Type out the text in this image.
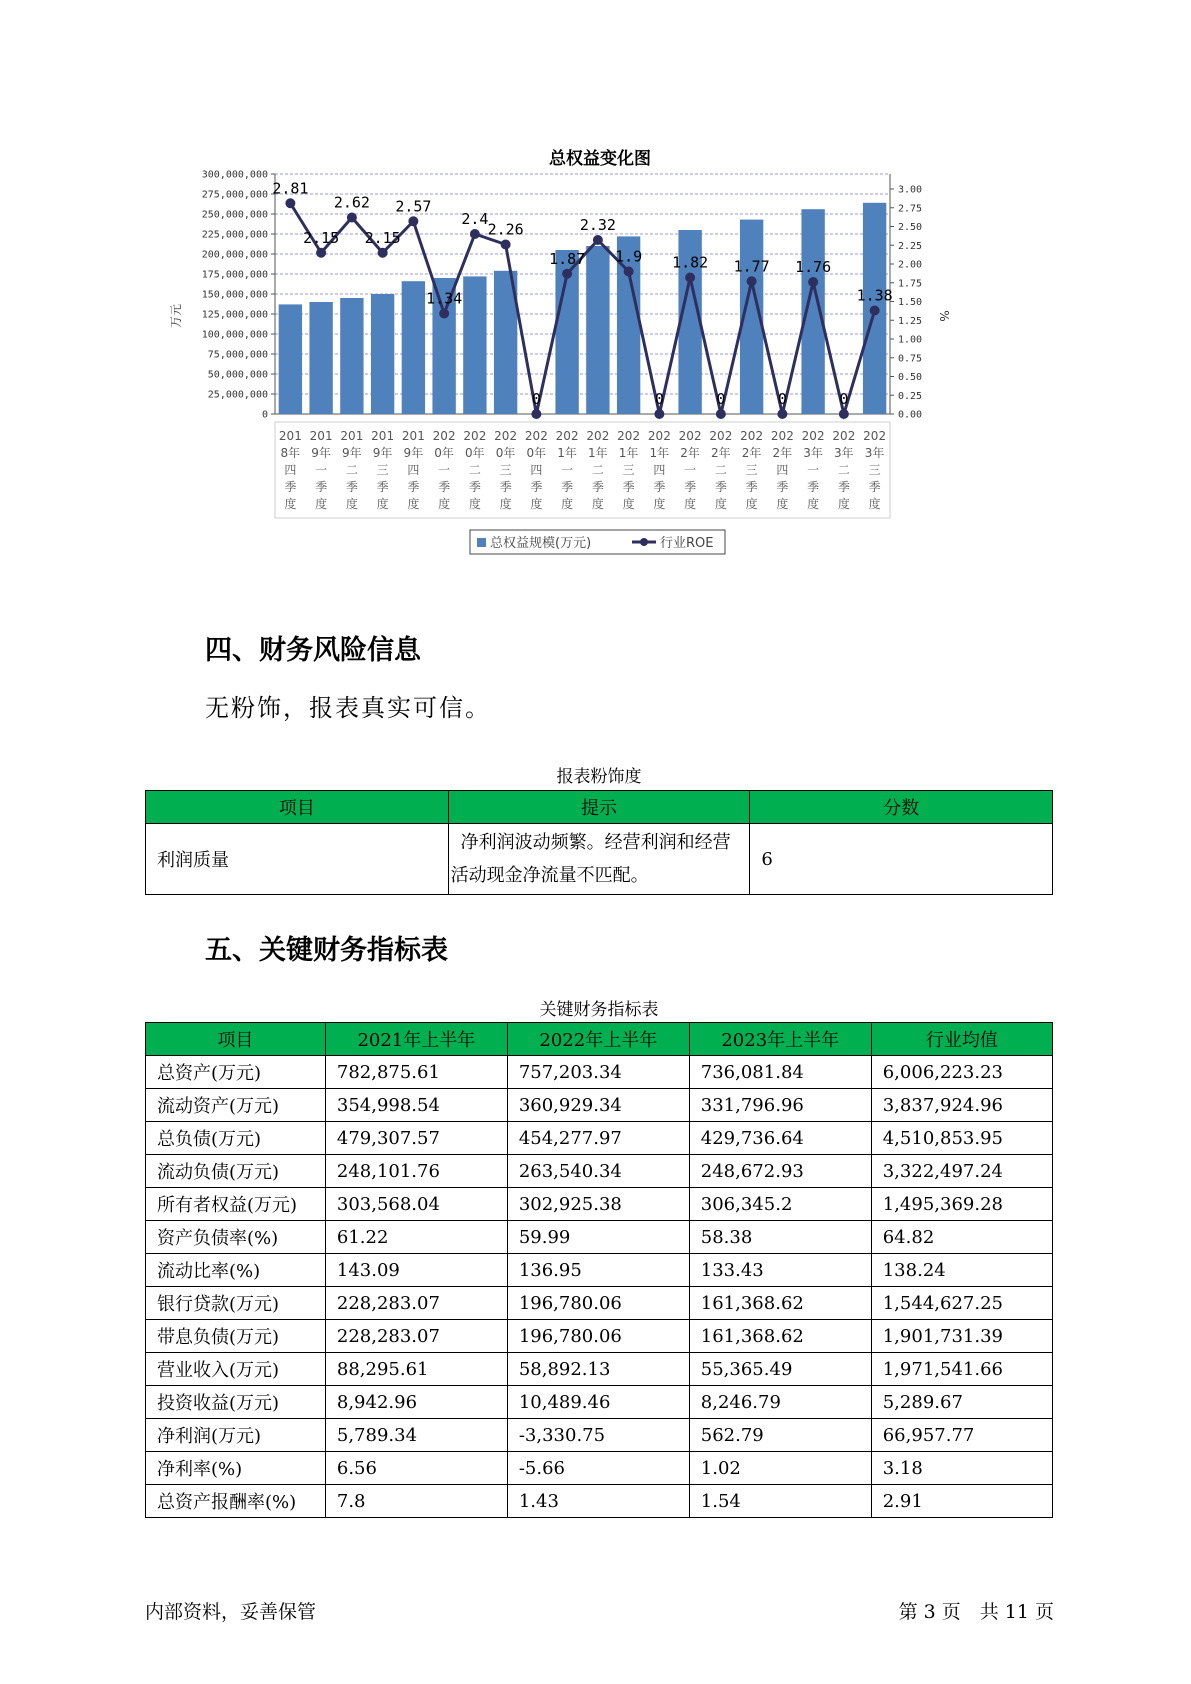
总权益变化图
0
25,000,000
50,000,000
75,000,000
100,000,000
125,000,000
150,000,000
175,000,000
200,000,000
225,000,000
250,000,000
275,000,000
300,000,000
0.00
0.25
0.50
0.75
1.00
1.25
1.50
1.75
2.00
2.25
2.50
2.75
3.00
万元	%
201
8年
四
季
度
201
9年
一
季
度
201
9年
二
季
度
201
9年
三
季
度
201
9年
四
季
度
202
0年
一
季
度
202
0年
二
季
度
202
0年
三
季
度
202
0年
四
季
度
202
1年
一
季
度
202
1年
二
季
度
202
1年
三
季
度
202
1年
四
季
度
202
2年
一
季
度
202
2年
二
季
度
202
2年
三
季
度
202
2年
四
季
度
202
3年
一
季
度
202
3年
二
季
度
202
3年
三
季
度
2.81
2.15
2.62
2.15
2.57
1.34
2.4
2.26
0
1.87
2.32
1.9
0
1.82
0
1.77
0
1.76
0
1.38
总权益规模(万元)	行业ROE
四、财务风险信息
无粉饰，报表真实可信。
报表粉饰度
项目	提示	分数
利润质量	净利润波动频繁。经营利润和经营活动现金净流量不匹配。	6
五、关键财务指标表
关键财务指标表
项目	2021年上半年	2022年上半年	2023年上半年	行业均值
总资产(万元)	782,875.61	757,203.34	736,081.84	6,006,223.23
流动资产(万元)	354,998.54	360,929.34	331,796.96	3,837,924.96
总负债(万元)	479,307.57	454,277.97	429,736.64	4,510,853.95
流动负债(万元)	248,101.76	263,540.34	248,672.93	3,322,497.24
所有者权益(万元)	303,568.04	302,925.38	306,345.2	1,495,369.28
资产负债率(%)	61.22	59.99	58.38	64.82
流动比率(%)	143.09	136.95	133.43	138.24
银行贷款(万元)	228,283.07	196,780.06	161,368.62	1,544,627.25
带息负债(万元)	228,283.07	196,780.06	161,368.62	1,901,731.39
营业收入(万元)	88,295.61	58,892.13	55,365.49	1,971,541.66
投资收益(万元)	8,942.96	10,489.46	8,246.79	5,289.67
净利润(万元)	5,789.34	-3,330.75	562.79	66,957.77
净利率(%)	6.56	-5.66	1.02	3.18
总资产报酬率(%)	7.8	1.43	1.54	2.91
内部资料，妥善保管	第 3 页　共 11 页
